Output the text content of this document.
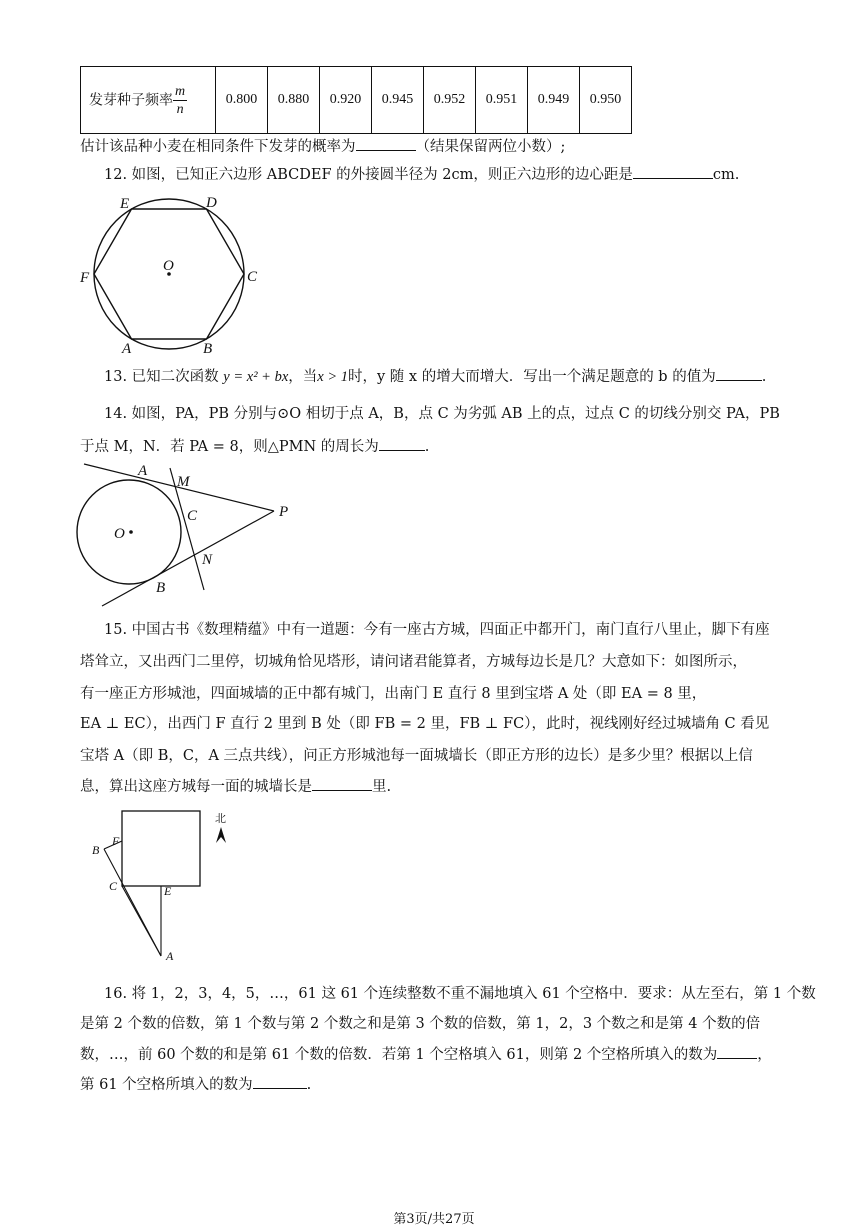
发芽种子频率 $\frac{m}{n}$	0.800	0.880	0.920	0.945	0.952	0.951	0.949	0.950
估计该品种小麦在相同条件下发芽的概率为	（结果保留两位小数）;
12. 如图，已知正六边形 ABCDEF 的外接圆半径为 2cm，则正六边形的边心距是	cm.
E	D
F	C
A	B
O
13. 已知二次函数 y = x² + bx，当x > 1时，y 随 x 的增大而增大．写出一个满足题意的 b 的值为	.
14. 如图，PA，PB 分别与⊙O 相切于点 A，B，点 C 为劣弧 AB 上的点，过点 C 的切线分别交 PA，PB
于点 M，N．若 PA = 8，则△PMN 的周长为	.
A
M
C	P
O
N
B
15. 中国古书《数理精蕴》中有一道题：今有一座古方城，四面正中都开门，南门直行八里止，脚下有座
塔耸立，又出西门二里停，切城角恰见塔形，请问诸君能算者，方城每边长是几？大意如下：如图所示，
有一座正方形城池，四面城墙的正中都有城门，出南门 E 直行 8 里到宝塔 A 处（即 EA = 8 里，
EA ⊥ EC），出西门 F 直行 2 里到 B 处（即 FB = 2 里，FB ⊥ FC），此时，视线刚好经过城墙角 C 看见
宝塔 A（即 B，C，A 三点共线），问正方形城池每一面城墙长（即正方形的边长）是多少里？根据以上信
息，算出这座方城每一面的城墙长是	里.
B
F
C	E
A
北
16. 将 1，2，3，4，5，…，61 这 61 个连续整数不重不漏地填入 61 个空格中．要求：从左至右，第 1 个数
是第 2 个数的倍数，第 1 个数与第 2 个数之和是第 3 个数的倍数，第 1，2，3 个数之和是第 4 个数的倍
数，…，前 60 个数的和是第 61 个数的倍数．若第 1 个空格填入 61，则第 2 个空格所填入的数为	，
第 61 个空格所填入的数为	.
第3页/共27页
